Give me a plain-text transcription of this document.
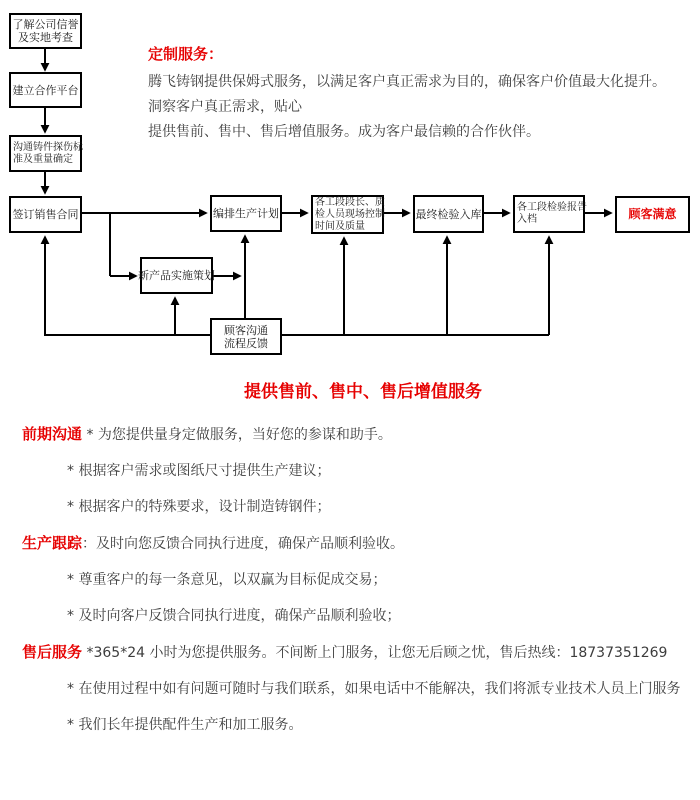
了解公司信誉
及实地考查
建立合作平台
沟通铸件探伤标
准及重量确定
签订销售合同	编排生产计划
各工段段长、质
检人员现场控制
时间及质量
最终检验入库	各工段检验报告
入档	顾客满意
新产品实施策划
顾客沟通
流程反馈
定制服务：

腾飞铸钢提供保姆式服务，以满足客户真正需求为目的，确保客户价值最大化提升。

洞察客户真正需求，贴心

提供售前、售中、售后增值服务。成为客户最信赖的合作伙伴。

提供售前、售中、售后增值服务
前期沟通 * 为您提供量身定做服务，当好您的参谋和助手。
* 根据客户需求或图纸尺寸提供生产建议；
* 根据客户的特殊要求，设计制造铸钢件；
生产跟踪：及时向您反馈合同执行进度，确保产品顺利验收。
* 尊重客户的每一条意见，以双赢为目标促成交易；
* 及时向客户反馈合同执行进度，确保产品顺利验收；
售后服务 *365*24 小时为您提供服务。不间断上门服务，让您无后顾之忧，售后热线：18737351269
* 在使用过程中如有问题可随时与我们联系，如果电话中不能解决，我们将派专业技术人员上门服务
* 我们长年提供配件生产和加工服务。
